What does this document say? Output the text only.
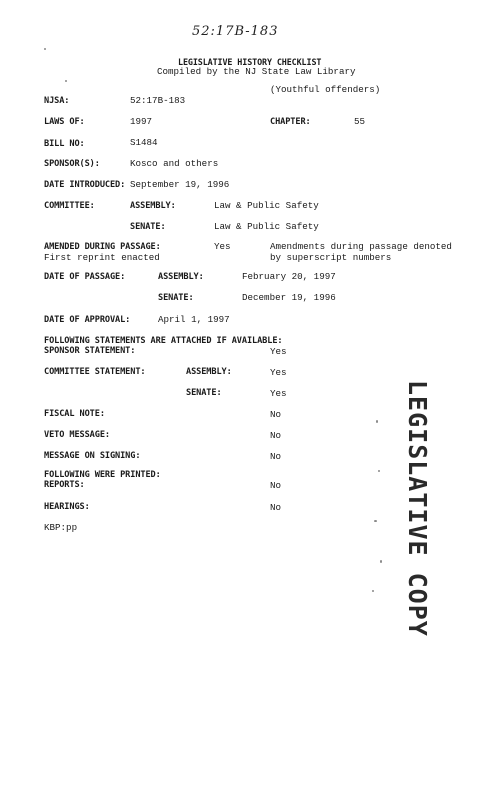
52:17B-183
LEGISLATIVE HISTORY CHECKLIST
Compiled by the NJ State Law Library
(Youthful offenders)
NJSA:	52:17B-183
LAWS OF:	1997	CHAPTER:	55
BILL NO:	S1484
SPONSOR(S):	Kosco and others
DATE INTRODUCED: September 19, 1996
COMMITTEE:	ASSEMBLY:	Law & Public Safety
SENATE:	Law & Public Safety
AMENDED DURING PASSAGE:	Yes
First reprint enacted
Amendments during passage denoted
by superscript numbers
DATE OF PASSAGE:	ASSEMBLY:	February 20, 1997
SENATE:	December 19, 1996
DATE OF APPROVAL:	April 1, 1997
FOLLOWING STATEMENTS ARE ATTACHED IF AVAILABLE:
SPONSOR STATEMENT:	Yes
COMMITTEE STATEMENT:	ASSEMBLY:	Yes
SENATE:	Yes
FISCAL NOTE:	No
VETO MESSAGE:	No
MESSAGE ON SIGNING:	No
FOLLOWING WERE PRINTED:
REPORTS:	No
HEARINGS:	No
KBP:pp	LEGISLATIVE COPY
